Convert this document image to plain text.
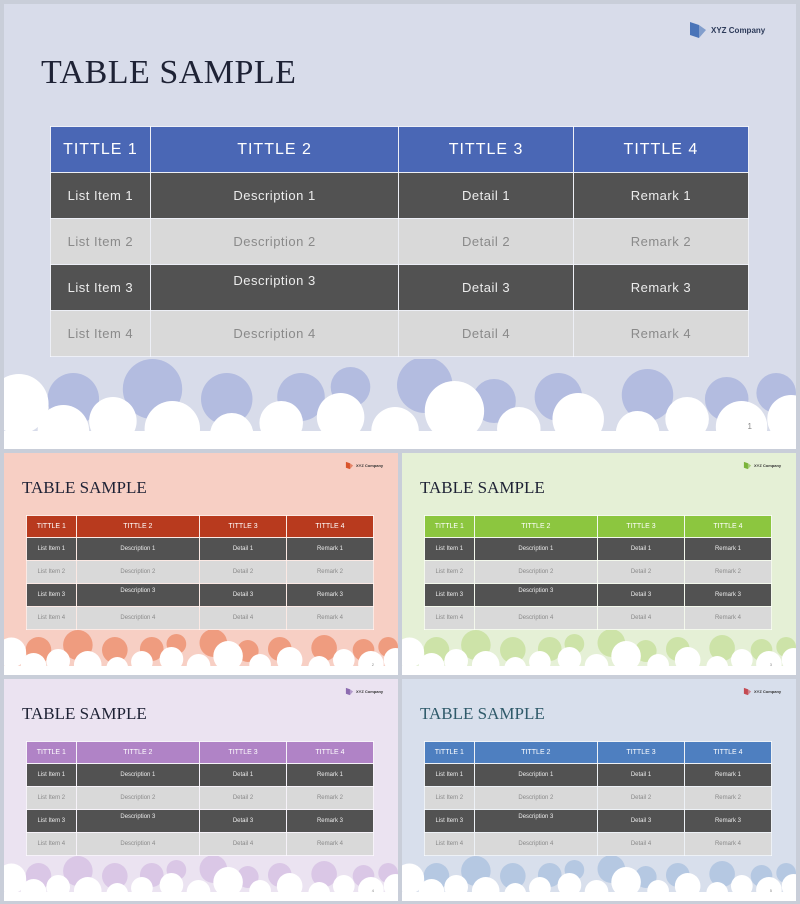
XYZ Company
TABLE SAMPLE
TITTLE 1	TITTLE 2	TITTLE 3	TITTLE 4
List Item 1	Description 1	Detail 1	Remark 1
List Item 2	Description 2	Detail 2	Remark 2
List Item 3	Description 3	Detail 3	Remark 3
List Item 4	Description 4	Detail 4	Remark 4
1
XYZ Company
TABLE SAMPLE
TITTLE 1	TITTLE 2	TITTLE 3	TITTLE 4
List Item 1	Description 1	Detail 1	Remark 1
List Item 2	Description 2	Detail 2	Remark 2
List Item 3	Description 3	Detail 3	Remark 3
List Item 4	Description 4	Detail 4	Remark 4
2
XYZ Company
TABLE SAMPLE
TITTLE 1	TITTLE 2	TITTLE 3	TITTLE 4
List Item 1	Description 1	Detail 1	Remark 1
List Item 2	Description 2	Detail 2	Remark 2
List Item 3	Description 3	Detail 3	Remark 3
List Item 4	Description 4	Detail 4	Remark 4
3
XYZ Company
TABLE SAMPLE
TITTLE 1	TITTLE 2	TITTLE 3	TITTLE 4
List Item 1	Description 1	Detail 1	Remark 1
List Item 2	Description 2	Detail 2	Remark 2
List Item 3	Description 3	Detail 3	Remark 3
List Item 4	Description 4	Detail 4	Remark 4
4
XYZ Company
TABLE SAMPLE
TITTLE 1	TITTLE 2	TITTLE 3	TITTLE 4
List Item 1	Description 1	Detail 1	Remark 1
List Item 2	Description 2	Detail 2	Remark 2
List Item 3	Description 3	Detail 3	Remark 3
List Item 4	Description 4	Detail 4	Remark 4
5
